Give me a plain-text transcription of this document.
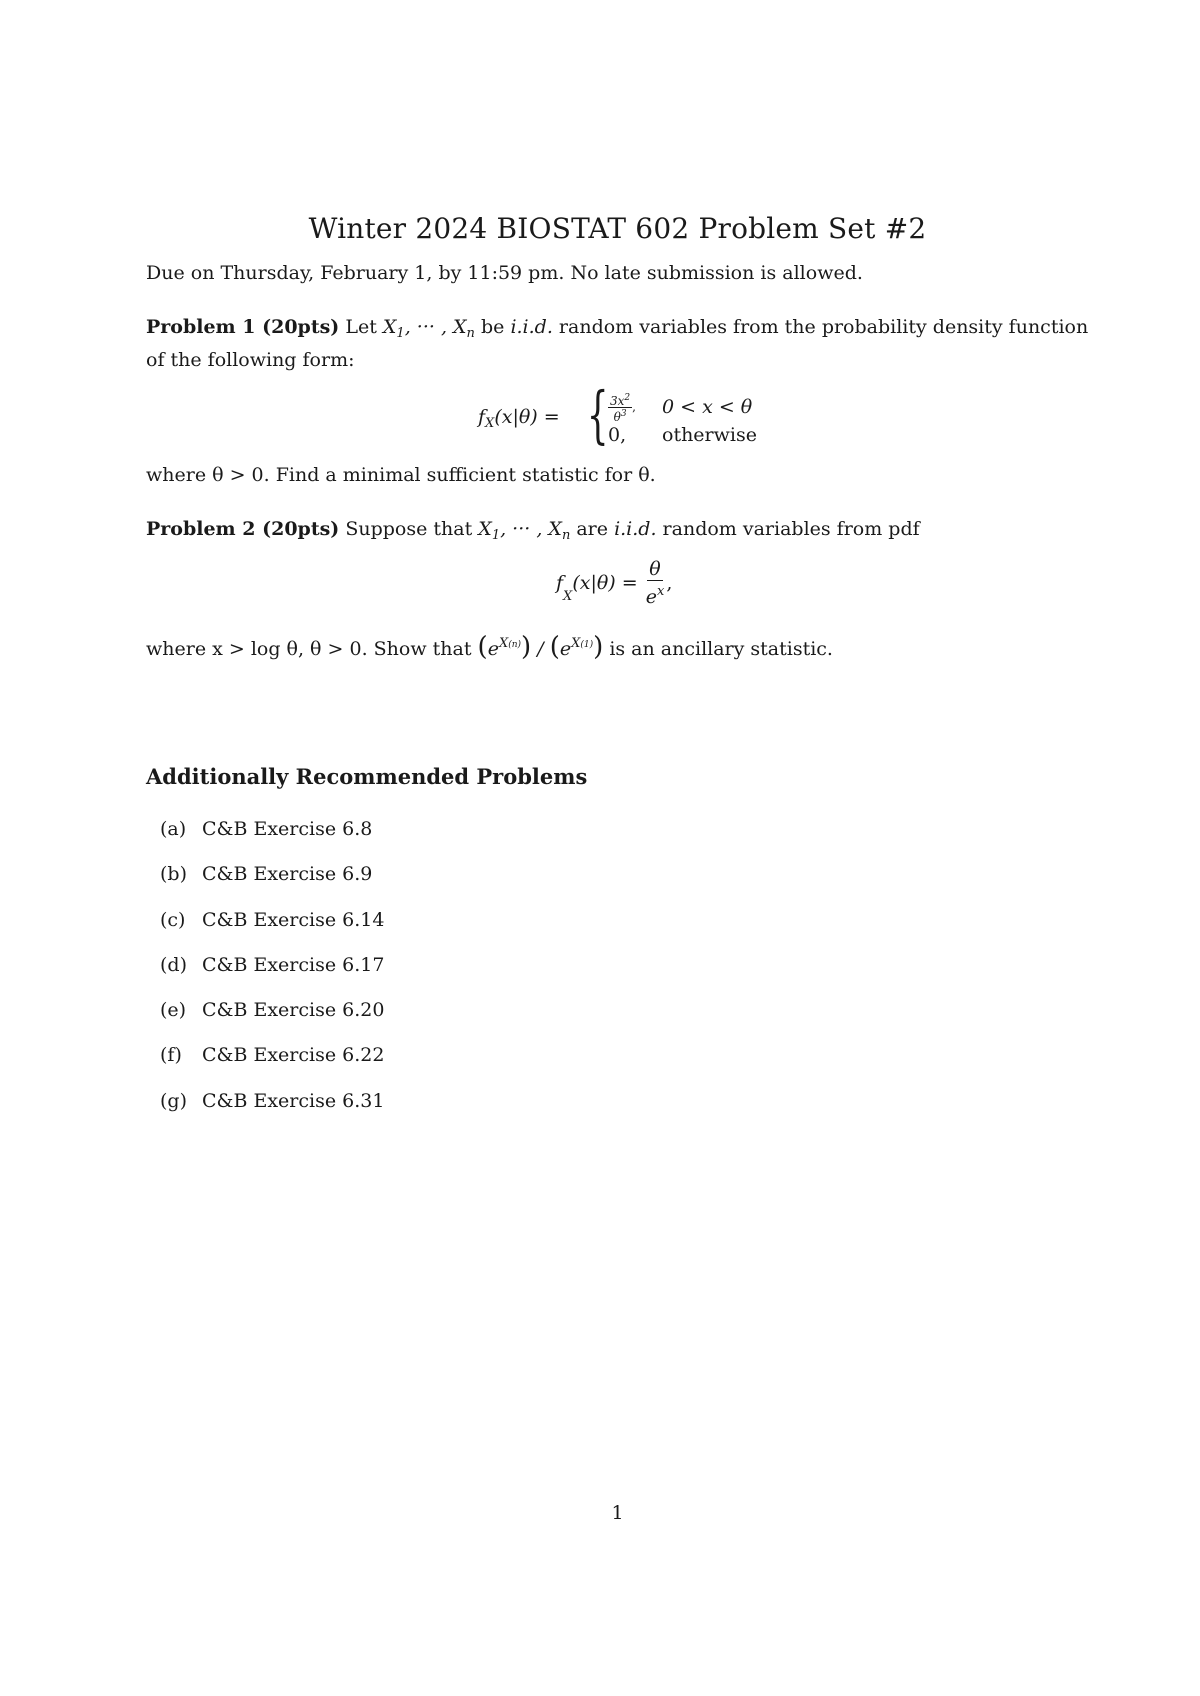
Winter 2024 BIOSTAT 602 Problem Set #2
Due on Thursday, February 1, by 11:59 pm. No late submission is allowed.
Problem 1 (20pts) Let $X_1$, ··· , $X_n$ be i.i.d. random variables from the probability density function of the following form:
$f_X(x|\theta)$ = { $\frac{3x^2}{\theta^3}$ , 0 < x < θ
0, otherwise
where θ > 0. Find a minimal sufficient statistic for θ.
Problem 2 (20pts) Suppose that $X_1$, ··· , $X_n$ are i.i.d. random variables from pdf
$f_X(x|\theta) = \frac{\theta}{e^x}$ ,
where x > log θ, θ > 0. Show that $(e^{X(n)}) / (e^{X(1)})$ is an ancillary statistic.
Additionally Recommended Problems
(a) C&B Exercise 6.8
(b) C&B Exercise 6.9
(c) C&B Exercise 6.14
(d) C&B Exercise 6.17
(e) C&B Exercise 6.20
(f)	C&B Exercise 6.22
(g) C&B Exercise 6.31
1
